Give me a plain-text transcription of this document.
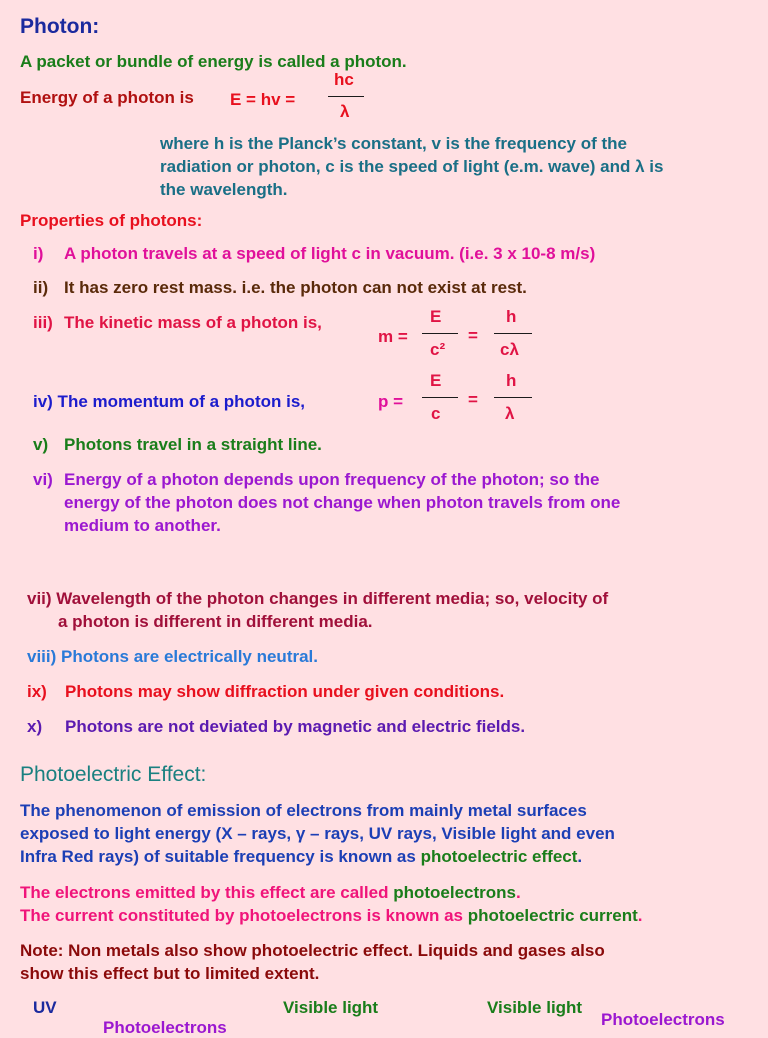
Photon:
A packet or bundle of energy is called a photon.
Energy of a photon is E = hv =
hc
λ
where h is the Planck’s constant, v is the frequency of the
radiation or photon, c is the speed of light (e.m. wave) and λ is
the wavelength.
Properties of photons:
i) A photon travels at a speed of light c in vacuum. (i.e. 3 x 10-8 m/s)
ii) It has zero rest mass. i.e. the photon can not exist at rest.
iii) The kinetic mass of a photon is,
m =
E
c²
=
h
cλ
iv) The momentum of a photon is,	p =
E
c
=
h
λ
v) Photons travel in a straight line.
vi) Energy of a photon depends upon frequency of the photon; so the
energy of the photon does not change when photon travels from one
medium to another.
vii) Wavelength of the photon changes in different media; so, velocity of
a photon is different in different media.
viii) Photons are electrically neutral.
ix) Photons may show diffraction under given conditions.
x) Photons are not deviated by magnetic and electric fields.
Photoelectric Effect:
The phenomenon of emission of electrons from mainly metal surfaces
exposed to light energy (X – rays, γ – rays, UV rays, Visible light and even
Infra Red rays) of suitable frequency is known as photoelectric effect.
The electrons emitted by this effect are called photoelectrons.
The current constituted by photoelectrons is known as photoelectric current.
Note: Non metals also show photoelectric effect. Liquids and gases also
show this effect but to limited extent.
UV
Photoelectrons
Visible light	Visible light
Photoelectrons
